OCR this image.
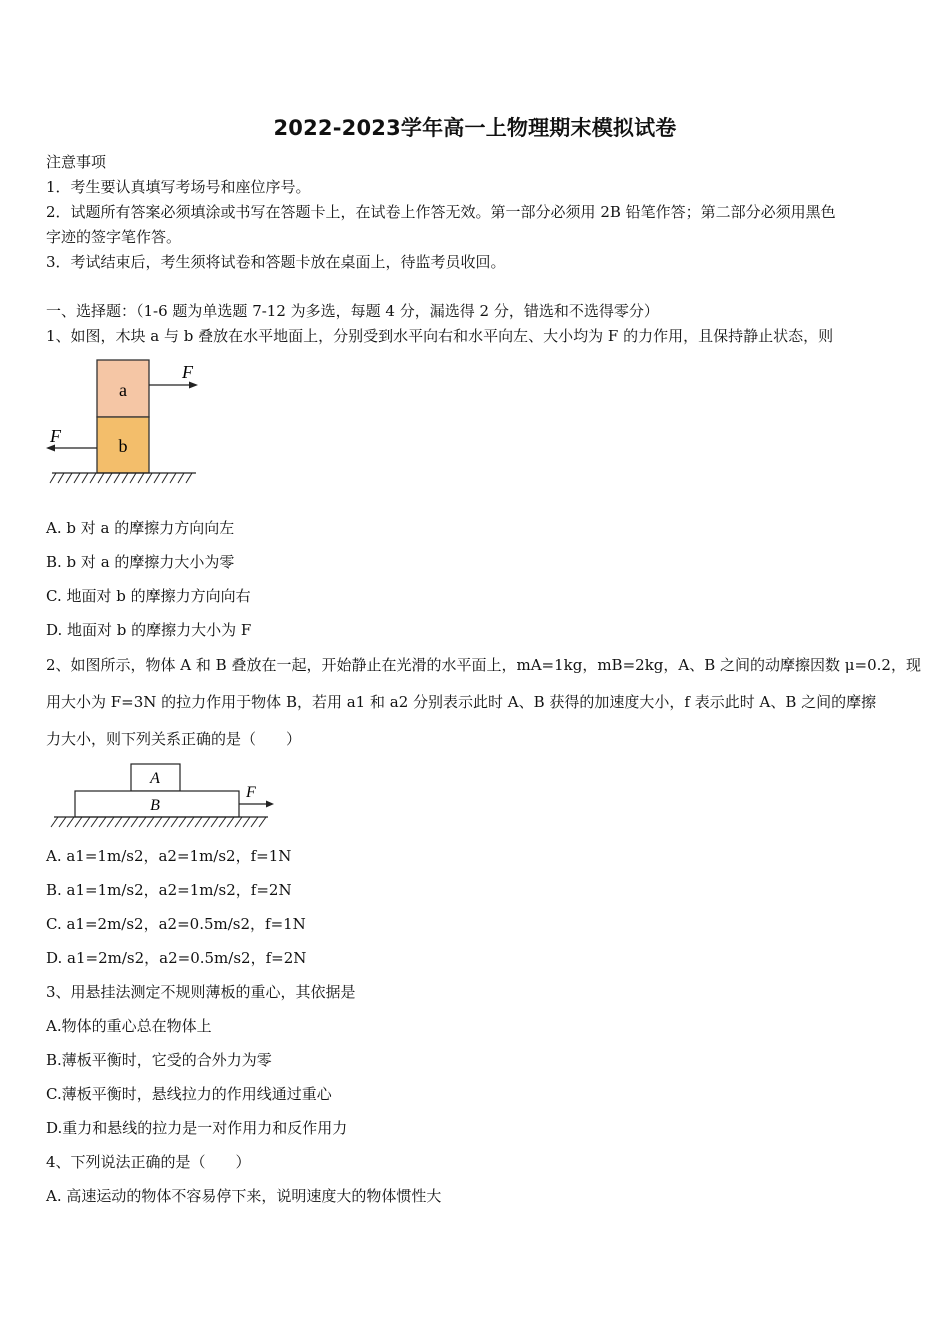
2022-2023学年高一上物理期末模拟试卷
注意事项
1．考生要认真填写考场号和座位序号。
2．试题所有答案必须填涂或书写在答题卡上，在试卷上作答无效。第一部分必须用 2B 铅笔作答；第二部分必须用黑色
字迹的签字笔作答。
3．考试结束后，考生须将试卷和答题卡放在桌面上，待监考员收回。
一、选择题：（1-6 题为单选题 7-12 为多选，每题 4 分，漏选得 2 分，错选和不选得零分）
1、如图，木块 a 与 b 叠放在水平地面上，分别受到水平向右和水平向左、大小均为 F 的力作用，且保持静止状态，则
a
b
F
F
A. b 对 a 的摩擦力方向向左
B. b 对 a 的摩擦力大小为零
C. 地面对 b 的摩擦力方向向右
D. 地面对 b 的摩擦力大小为 F
2、如图所示，物体 A 和 B 叠放在一起，开始静止在光滑的水平面上，mA=1kg，mB=2kg，A、B 之间的动摩擦因数 μ=0.2，现
用大小为 F=3N 的拉力作用于物体 B，若用 a1 和 a2 分别表示此时 A、B 获得的加速度大小，f 表示此时 A、B 之间的摩擦
力大小，则下列关系正确的是（　　）
A
B
F
A. a1=1m/s2，a2=1m/s2，f=1N
B. a1=1m/s2，a2=1m/s2，f=2N
C. a1=2m/s2，a2=0.5m/s2，f=1N
D. a1=2m/s2，a2=0.5m/s2，f=2N
3、用悬挂法测定不规则薄板的重心，其依据是
A.物体的重心总在物体上
B.薄板平衡时，它受的合外力为零
C.薄板平衡时，悬线拉力的作用线通过重心
D.重力和悬线的拉力是一对作用力和反作用力
4、下列说法正确的是（　　）
A. 高速运动的物体不容易停下来，说明速度大的物体惯性大
